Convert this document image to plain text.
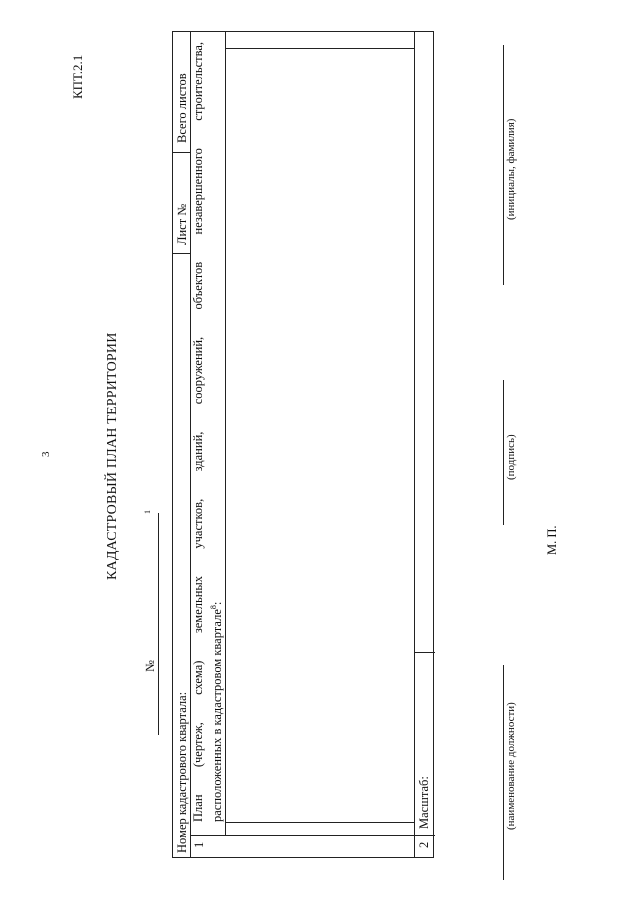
3
КПТ.2.1
КАДАСТРОВЫЙ ПЛАН ТЕРРИТОРИИ
№
1
Номер кадастрового квартала:
Лист №
Всего листов
1
План (чертеж, схема) земельных участков, зданий, сооружений, объектов незавершенного строительства, расположенных в кадастровом квартале$^8$:
2
Масштаб:
М. П.
(наименование должности)
(подпись)
(инициалы, фамилия)
